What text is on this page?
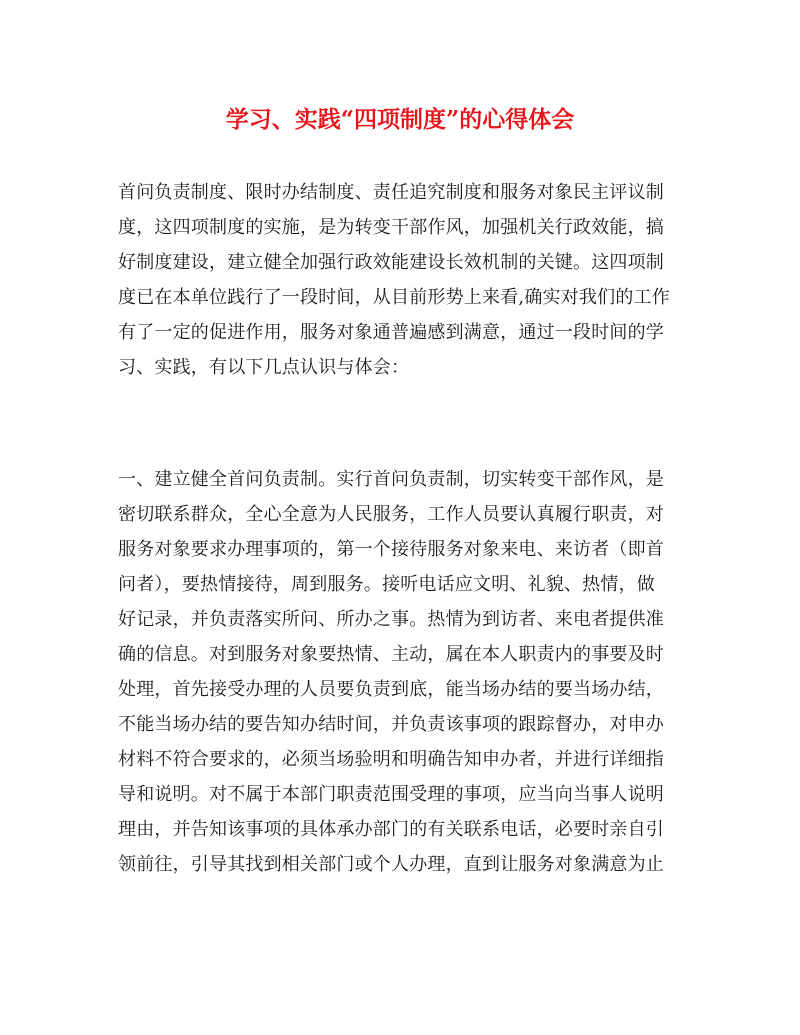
学习、实践“四项制度”的心得体会
首问负责制度、限时办结制度、责任追究制度和服务对象民主评议制
度，这四项制度的实施，是为转变干部作风，加强机关行政效能，搞
好制度建设，建立健全加强行政效能建设长效机制的关键。这四项制
度已在本单位践行了一段时间，从目前形势上来看,确实对我们的工作
有了一定的促进作用，服务对象通普遍感到满意，通过一段时间的学
习、实践，有以下几点认识与体会：
一、建立健全首问负责制。实行首问负责制，切实转变干部作风，是
密切联系群众，全心全意为人民服务，工作人员要认真履行职责，对
服务对象要求办理事项的，第一个接待服务对象来电、来访者（即首
问者），要热情接待，周到服务。接听电话应文明、礼貌、热情，做
好记录，并负责落实所问、所办之事。热情为到访者、来电者提供准
确的信息。对到服务对象要热情、主动，属在本人职责内的事要及时
处理，首先接受办理的人员要负责到底，能当场办结的要当场办结，
不能当场办结的要告知办结时间，并负责该事项的跟踪督办，对申办
材料不符合要求的，必须当场验明和明确告知申办者，并进行详细指
导和说明。对不属于本部门职责范围受理的事项，应当向当事人说明
理由，并告知该事项的具体承办部门的有关联系电话，必要时亲自引
领前往，引导其找到相关部门或个人办理，直到让服务对象满意为止
